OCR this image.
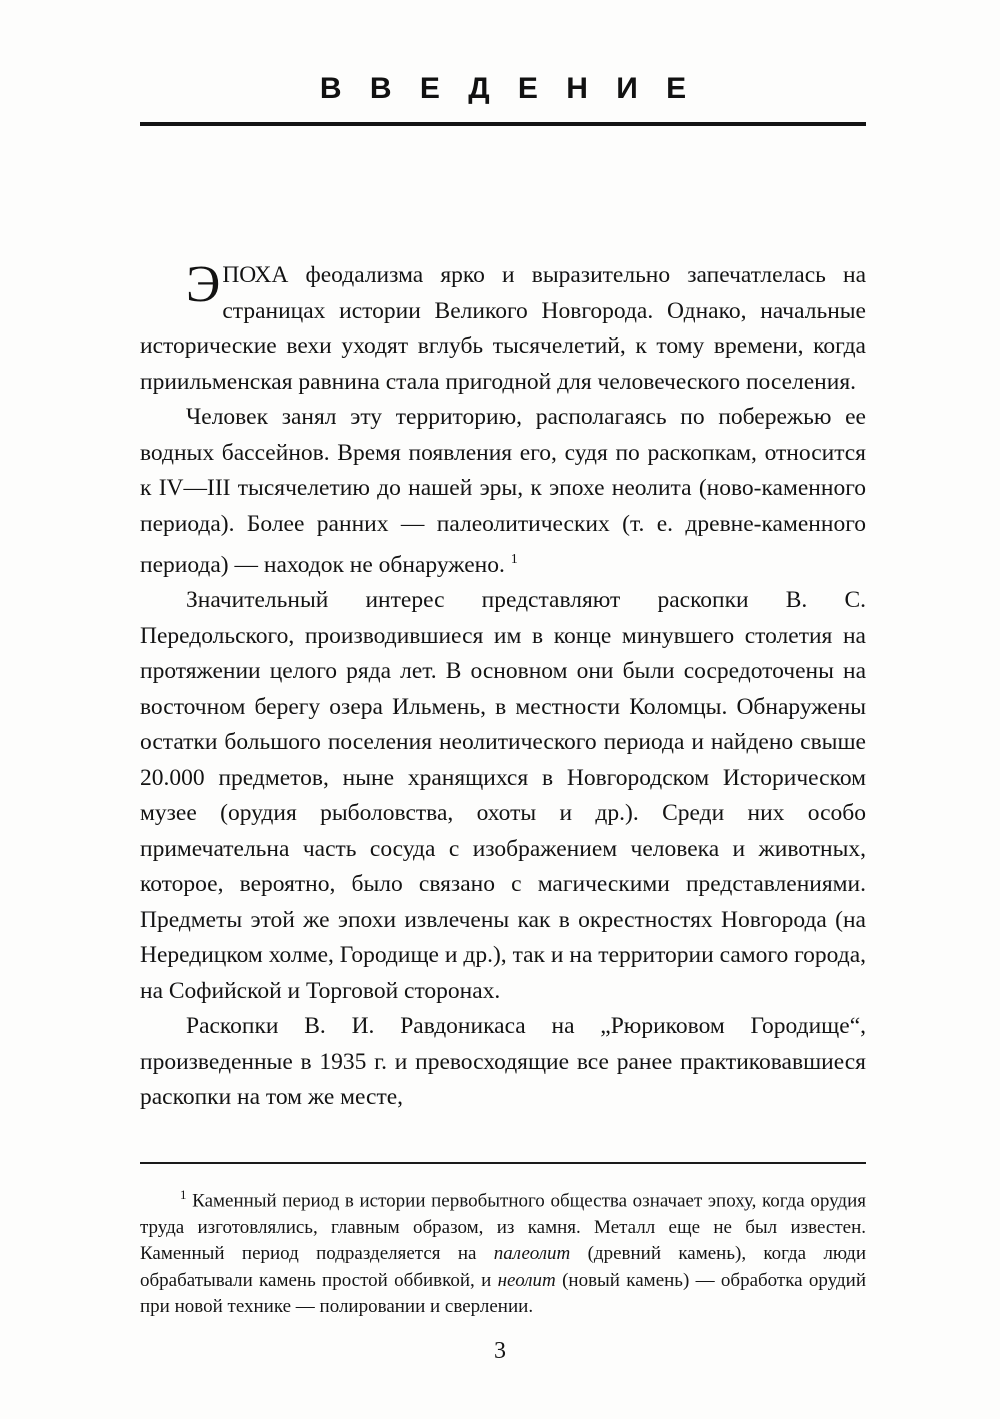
В В Е Д Е Н И Е

ЭПОХА феодализма ярко и выразительно запечатлелась на страницах истории Великого Новгорода. Однако, начальные исторические вехи уходят вглубь тысячелетий, к тому времени, когда приильменская равнина стала пригодной для человеческого поселения.

Человек занял эту территорию, располагаясь по побережью ее водных бассейнов. Время появления его, судя по раскопкам, относится к IV—III тысячелетию до нашей эры, к эпохе неолита (ново-каменного периода). Более ранних — палеолитических (т. е. древне-каменного периода) — находок не обнаружено. $^1$

Значительный интерес представляют раскопки В. С. Передольского, производившиеся им в конце минувшего столетия на протяжении целого ряда лет. В основном они были сосредоточены на восточном берегу озера Ильмень, в местности Коломцы. Обнаружены остатки большого поселения неолитического периода и найдено свыше 20.000 предметов, ныне хранящихся в Новгородском Историческом музее (орудия рыболовства, охоты и др.). Среди них особо примечательна часть сосуда с изображением человека и животных, которое, вероятно, было связано с магическими представлениями. Предметы этой же эпохи извлечены как в окрестностях Новгорода (на Нередицком холме, Городище и др.), так и на территории самого города, на Софийской и Торговой сторонах.

Раскопки В. И. Равдоникаса на „Рюриковом Городище“, произведенные в 1935 г. и превосходящие все ранее практиковавшиеся раскопки на том же месте,

$^1$ Каменный период в истории первобытного общества означает эпоху, когда орудия труда изготовлялись, главным образом, из камня. Металл еще не был известен. Каменный период подразделяется на палеолит (древний камень), когда люди обрабатывали камень простой оббивкой, и неолит (новый камень) — обработка орудий при новой технике — полировании и сверлении.

3
